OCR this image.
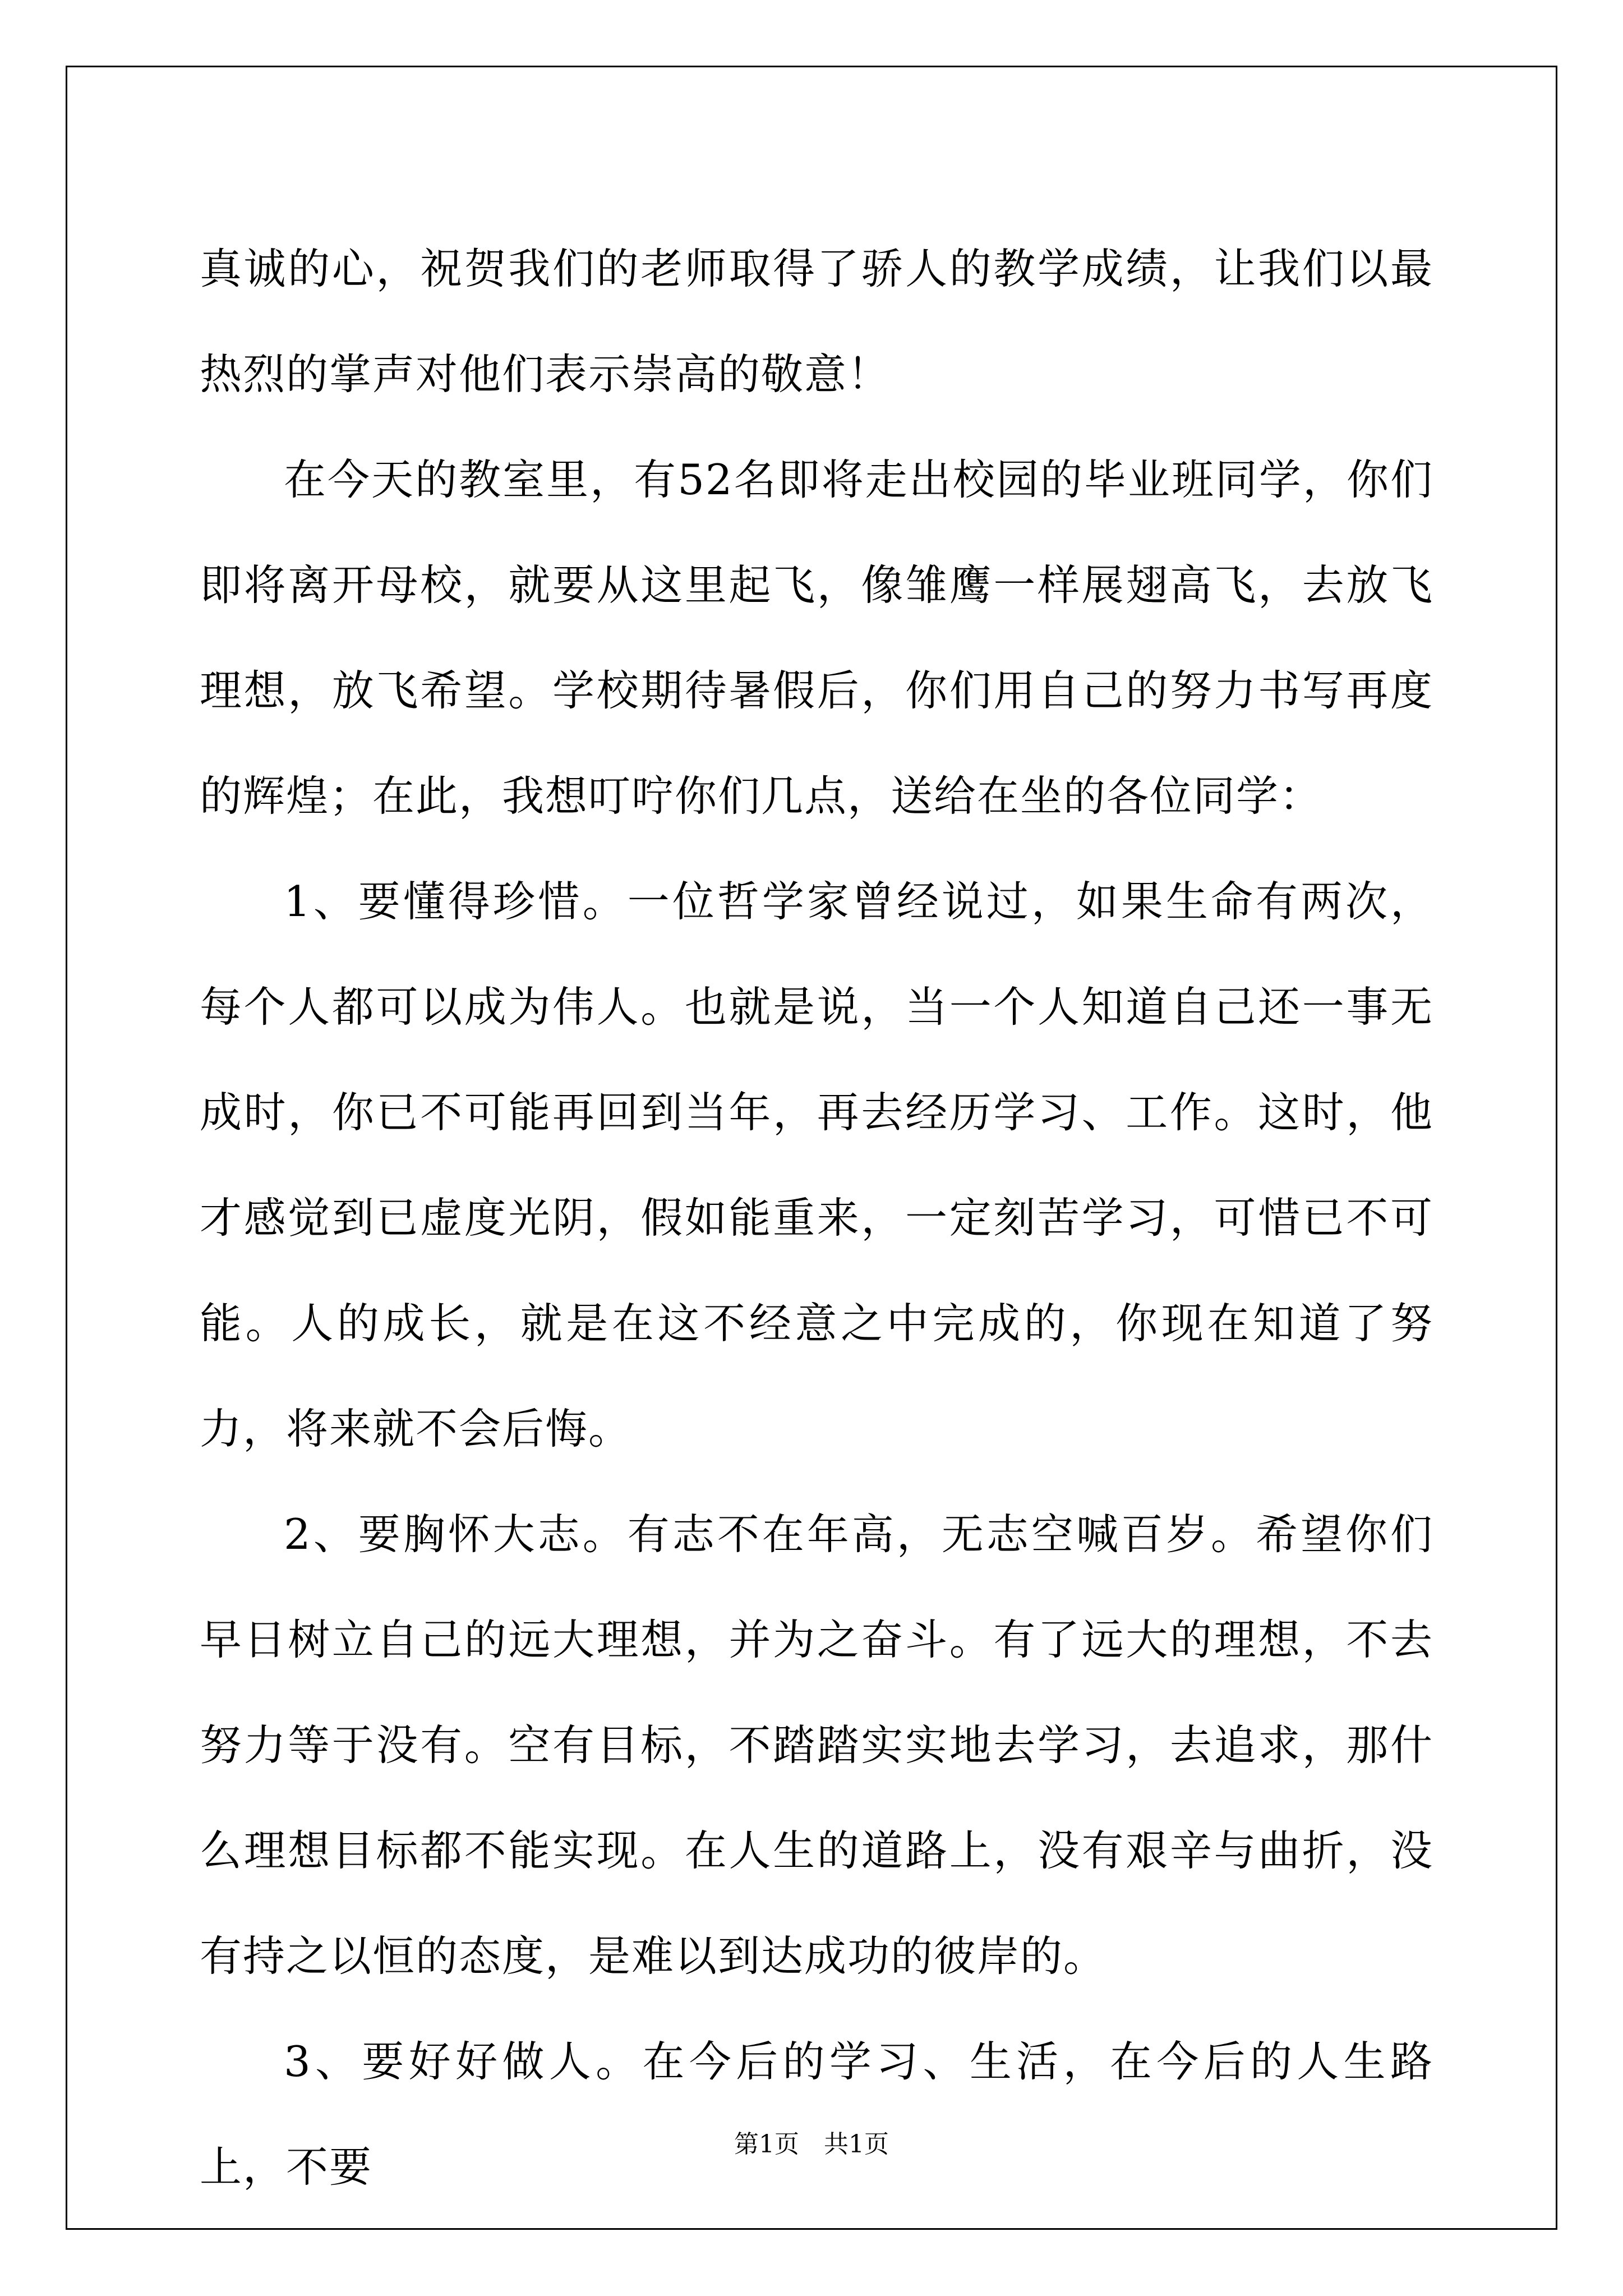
真诚的心，祝贺我们的老师取得了骄人的教学成绩，让我们以最热烈的掌声对他们表示崇高的敬意！

在今天的教室里，有52名即将走出校园的毕业班同学，你们即将离开母校，就要从这里起飞，像雏鹰一样展翅高飞，去放飞理想，放飞希望。学校期待暑假后，你们用自己的努力书写再度的辉煌；在此，我想叮咛你们几点，送给在坐的各位同学：

1、要懂得珍惜。一位哲学家曾经说过，如果生命有两次，每个人都可以成为伟人。也就是说，当一个人知道自己还一事无成时，你已不可能再回到当年，再去经历学习、工作。这时，他才感觉到已虚度光阴，假如能重来，一定刻苦学习，可惜已不可能。人的成长，就是在这不经意之中完成的，你现在知道了努力，将来就不会后悔。

2、要胸怀大志。有志不在年高，无志空喊百岁。希望你们早日树立自己的远大理想，并为之奋斗。有了远大的理想，不去努力等于没有。空有目标，不踏踏实实地去学习，去追求，那什么理想目标都不能实现。在人生的道路上，没有艰辛与曲折，没有持之以恒的态度，是难以到达成功的彼岸的。

3、要好好做人。在今后的学习、生活，在今后的人生路上，不要	第1页　共1页
